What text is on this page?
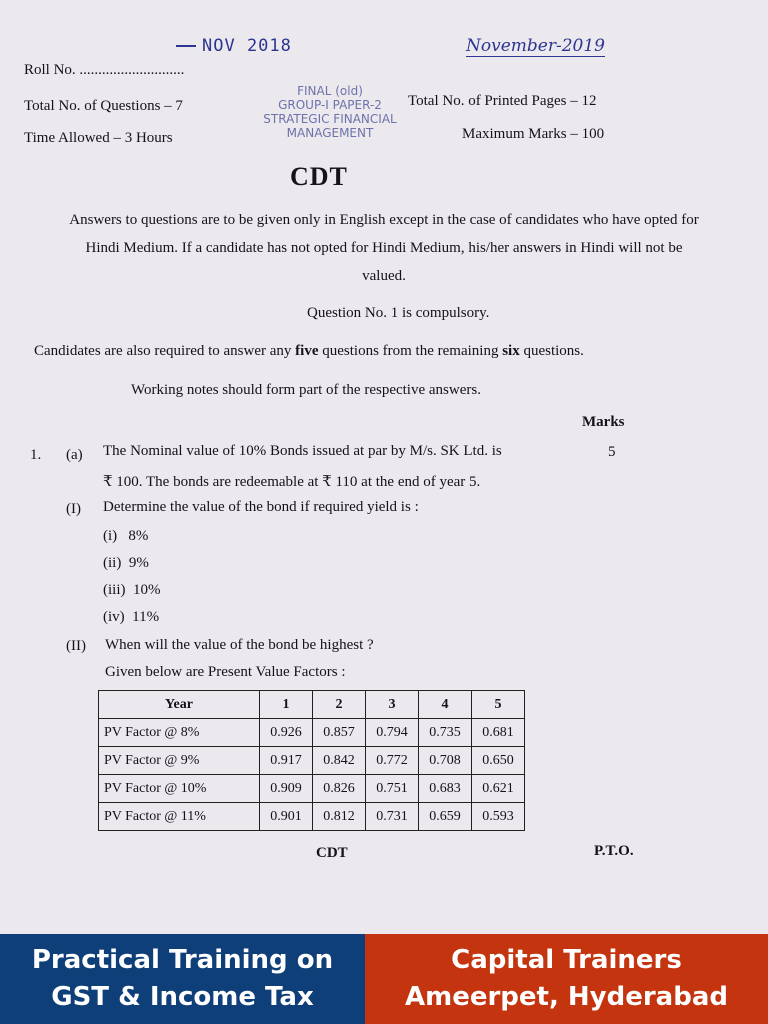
NOV 2018	November-2019
Roll No. ............................
FINAL (old)
GROUP-I PAPER-2
STRATEGIC FINANCIAL
MANAGEMENT
Total No. of Questions – 7	Total No. of Printed Pages – 12
Time Allowed – 3 Hours	Maximum Marks – 100
CDT
Answers to questions are to be given only in English except in the case of candidates who have opted for Hindi Medium. If a candidate has not opted for Hindi Medium, his/her answers in Hindi will not be valued.
Question No. 1 is compulsory.
Candidates are also required to answer any five questions from the remaining six questions.
Working notes should form part of the respective answers.
Marks
1. (a) The Nominal value of 10% Bonds issued at par by M/s. SK Ltd. is	5
₹ 100. The bonds are redeemable at ₹ 110 at the end of year 5.
(I) Determine the value of the bond if required yield is :
(i) 8%
(ii) 9%
(iii) 10%
(iv) 11%
(II) When will the value of the bond be highest ?
Given below are Present Value Factors :
Year	1	2	3	4	5
PV Factor @ 8%	0.926	0.857	0.794	0.735	0.681
PV Factor @ 9%	0.917	0.842	0.772	0.708	0.650
PV Factor @ 10%	0.909	0.826	0.751	0.683	0.621
PV Factor @ 11%	0.901	0.812	0.731	0.659	0.593
CDT	P.T.O.
Practical Training on
GST & Income Tax
Capital Trainers
Ameerpet, Hyderabad
